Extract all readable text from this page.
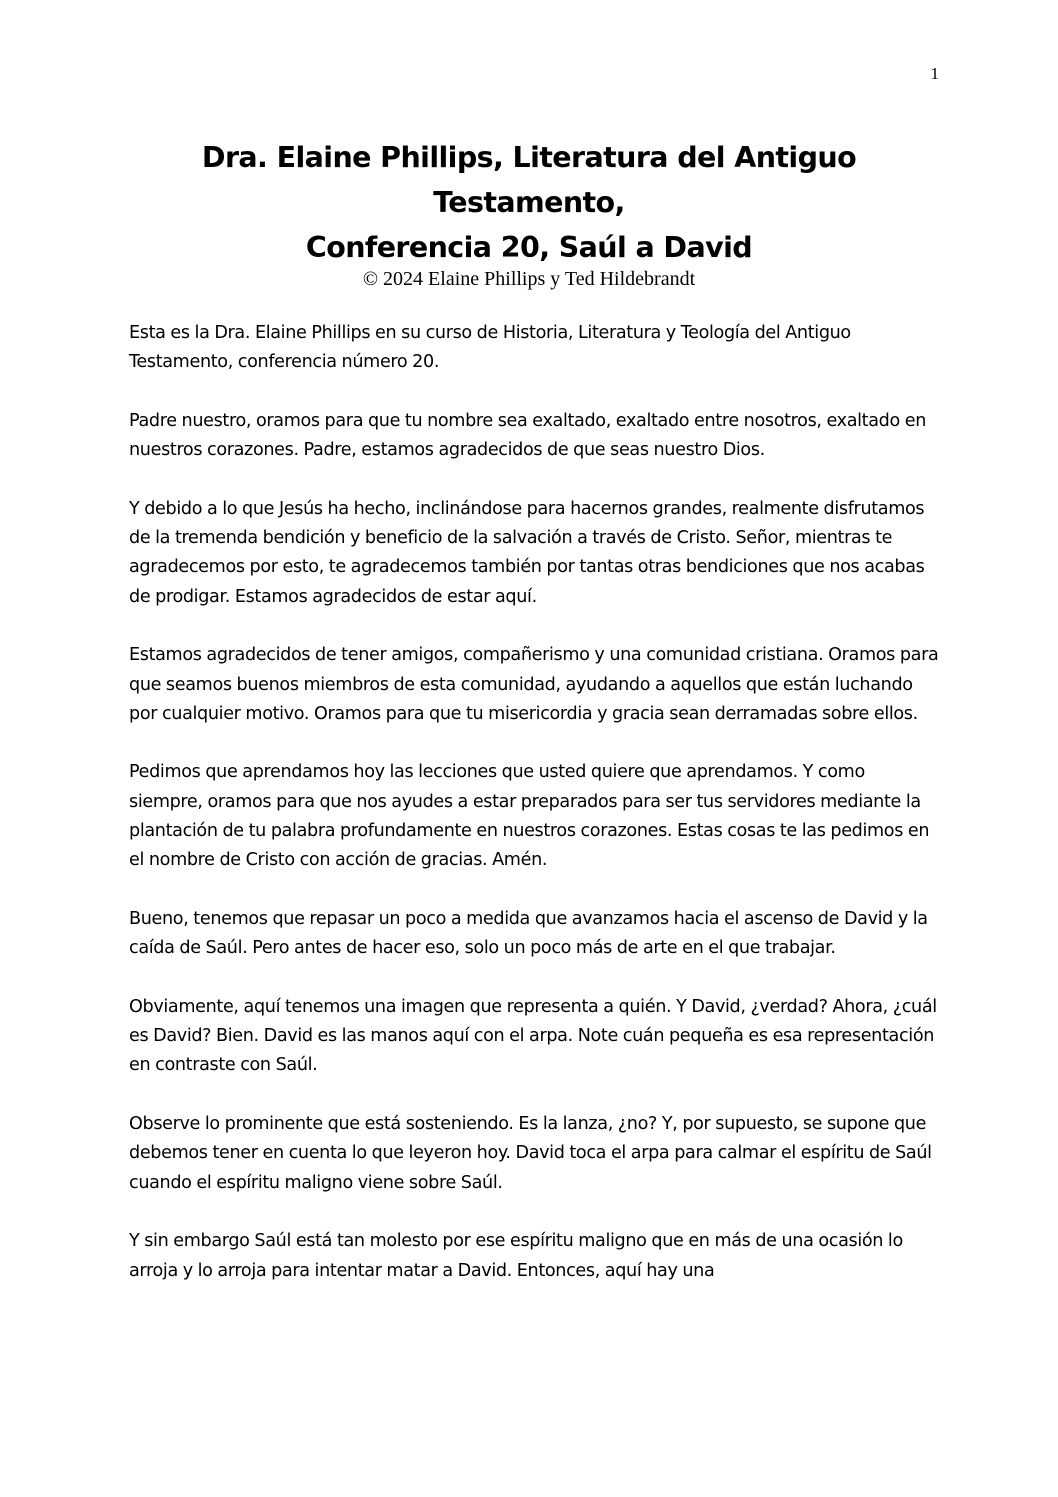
1
Dra. Elaine Phillips, Literatura del Antiguo
Testamento,
Conferencia 20, Saúl a David
© 2024 Elaine Phillips y Ted Hildebrandt

Esta es la Dra. Elaine Phillips en su curso de Historia, Literatura y Teología del Antiguo Testamento, conferencia número 20.

Padre nuestro, oramos para que tu nombre sea exaltado, exaltado entre nosotros, exaltado en nuestros corazones. Padre, estamos agradecidos de que seas nuestro Dios.

Y debido a lo que Jesús ha hecho, inclinándose para hacernos grandes, realmente disfrutamos de la tremenda bendición y beneficio de la salvación a través de Cristo. Señor, mientras te agradecemos por esto, te agradecemos también por tantas otras bendiciones que nos acabas de prodigar. Estamos agradecidos de estar aquí.

Estamos agradecidos de tener amigos, compañerismo y una comunidad cristiana. Oramos para que seamos buenos miembros de esta comunidad, ayudando a aquellos que están luchando por cualquier motivo. Oramos para que tu misericordia y gracia sean derramadas sobre ellos.

Pedimos que aprendamos hoy las lecciones que usted quiere que aprendamos. Y como siempre, oramos para que nos ayudes a estar preparados para ser tus servidores mediante la plantación de tu palabra profundamente en nuestros corazones. Estas cosas te las pedimos en el nombre de Cristo con acción de gracias. Amén.

Bueno, tenemos que repasar un poco a medida que avanzamos hacia el ascenso de David y la caída de Saúl. Pero antes de hacer eso, solo un poco más de arte en el que trabajar.

Obviamente, aquí tenemos una imagen que representa a quién. Y David, ¿verdad? Ahora, ¿cuál es David? Bien. David es las manos aquí con el arpa. Note cuán pequeña es esa representación en contraste con Saúl.

Observe lo prominente que está sosteniendo. Es la lanza, ¿no? Y, por supuesto, se supone que debemos tener en cuenta lo que leyeron hoy. David toca el arpa para calmar el espíritu de Saúl cuando el espíritu maligno viene sobre Saúl.

Y sin embargo Saúl está tan molesto por ese espíritu maligno que en más de una ocasión lo arroja y lo arroja para intentar matar a David. Entonces, aquí hay una
